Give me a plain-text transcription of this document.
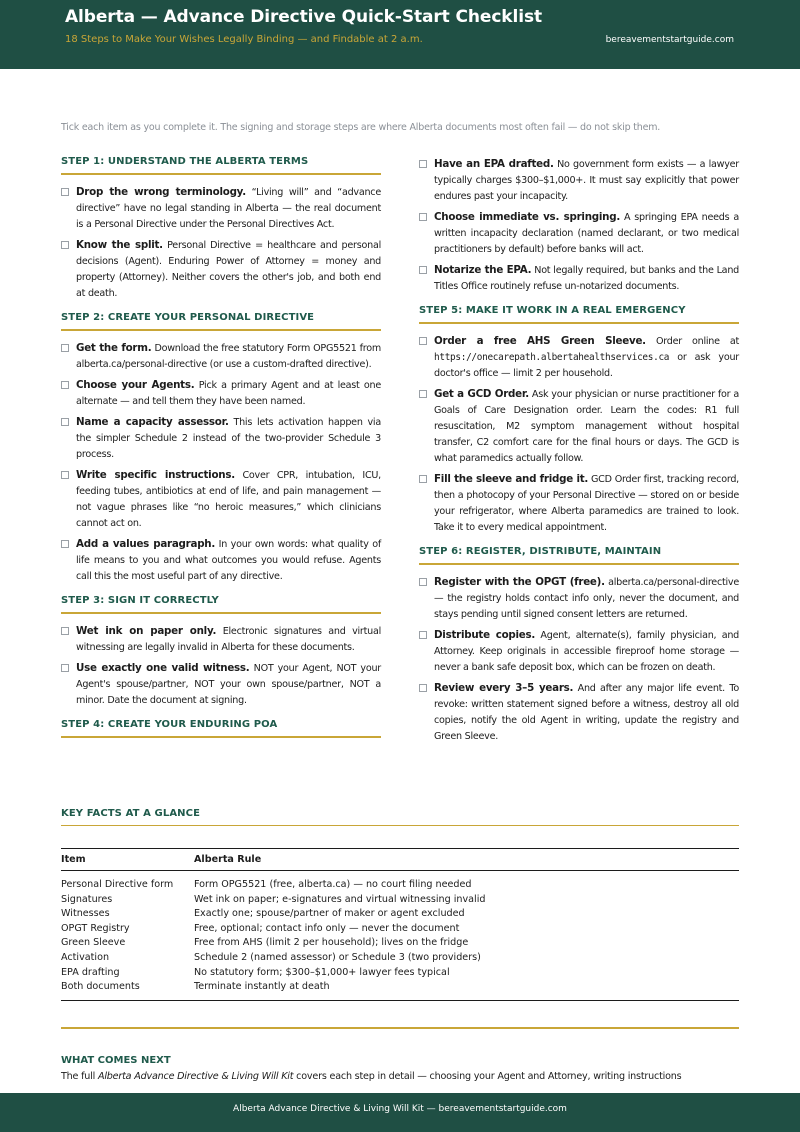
Alberta — Advance Directive Quick-Start Checklist
18 Steps to Make Your Wishes Legally Binding — and Findable at 2 a.m.	bereavementstartguide.com
Tick each item as you complete it. The signing and storage steps are where Alberta documents most often fail — do not skip them.
STEP 1: UNDERSTAND THE ALBERTA TERMS
Drop the wrong terminology. “Living will” and “advance directive” have no legal standing in Alberta — the real document is a Personal Directive under the Personal Directives Act.
Know the split. Personal Directive = healthcare and personal decisions (Agent). Enduring Power of Attorney = money and property (Attorney). Neither covers the other's job, and both end at death.
STEP 2: CREATE YOUR PERSONAL DIRECTIVE
Get the form. Download the free statutory Form OPG5521 from alberta.ca/personal-directive (or use a custom-drafted directive).
Choose your Agents. Pick a primary Agent and at least one alternate — and tell them they have been named.
Name a capacity assessor. This lets activation happen via the simpler Schedule 2 instead of the two-provider Schedule 3 process.
Write specific instructions. Cover CPR, intubation, ICU, feeding tubes, antibiotics at end of life, and pain management — not vague phrases like “no heroic measures,” which clinicians cannot act on.
Add a values paragraph. In your own words: what quality of life means to you and what outcomes you would refuse. Agents call this the most useful part of any directive.
STEP 3: SIGN IT CORRECTLY
Wet ink on paper only. Electronic signatures and virtual witnessing are legally invalid in Alberta for these documents.
Use exactly one valid witness. NOT your Agent, NOT your Agent's spouse/partner, NOT your own spouse/partner, NOT a minor. Date the document at signing.
STEP 4: CREATE YOUR ENDURING POA
Have an EPA drafted. No government form exists — a lawyer typically charges $300–$1,000+. It must say explicitly that power endures past your incapacity.
Choose immediate vs. springing. A springing EPA needs a written incapacity declaration (named declarant, or two medical practitioners by default) before banks will act.
Notarize the EPA. Not legally required, but banks and the Land Titles Office routinely refuse un-notarized documents.
STEP 5: MAKE IT WORK IN A REAL EMERGENCY
Order a free AHS Green Sleeve. Order online at https://onecarepath.albertahealthservices.ca or ask your doctor's office — limit 2 per household.
Get a GCD Order. Ask your physician or nurse practitioner for a Goals of Care Designation order. Learn the codes: R1 full resuscitation, M2 symptom management without hospital transfer, C2 comfort care for the final hours or days. The GCD is what paramedics actually follow.
Fill the sleeve and fridge it. GCD Order first, tracking record, then a photocopy of your Personal Directive — stored on or beside your refrigerator, where Alberta paramedics are trained to look. Take it to every medical appointment.
STEP 6: REGISTER, DISTRIBUTE, MAINTAIN
Register with the OPGT (free). alberta.ca/personal-directive — the registry holds contact info only, never the document, and stays pending until signed consent letters are returned.
Distribute copies. Agent, alternate(s), family physician, and Attorney. Keep originals in accessible fireproof home storage — never a bank safe deposit box, which can be frozen on death.
Review every 3–5 years. And after any major life event. To revoke: written statement signed before a witness, destroy all old copies, notify the old Agent in writing, update the registry and Green Sleeve.
KEY FACTS AT A GLANCE
Item	Alberta Rule
Personal Directive form	Form OPG5521 (free, alberta.ca) — no court filing needed
Signatures	Wet ink on paper; e-signatures and virtual witnessing invalid
Witnesses	Exactly one; spouse/partner of maker or agent excluded
OPGT Registry	Free, optional; contact info only — never the document
Green Sleeve	Free from AHS (limit 2 per household); lives on the fridge
Activation	Schedule 2 (named assessor) or Schedule 3 (two providers)
EPA drafting	No statutory form; $300–$1,000+ lawyer fees typical
Both documents	Terminate instantly at death
WHAT COMES NEXT
The full Alberta Advance Directive & Living Will Kit covers each step in detail — choosing your Agent and Attorney, writing instructions
Alberta Advance Directive & Living Will Kit — bereavementstartguide.com
